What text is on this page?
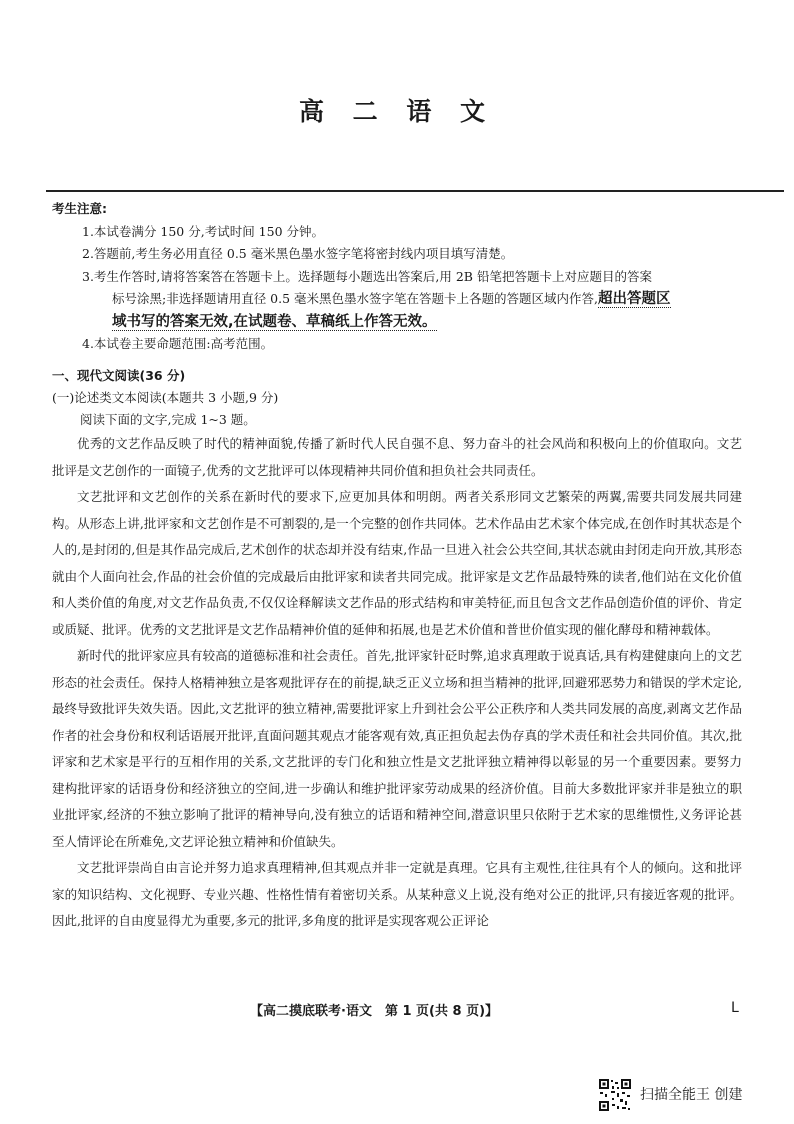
高 二 语 文
考生注意:
1.本试卷满分 150 分,考试时间 150 分钟。
2.答题前,考生务必用直径 0.5 毫米黑色墨水签字笔将密封线内项目填写清楚。
3.考生作答时,请将答案答在答题卡上。选择题每小题选出答案后,用 2B 铅笔把答题卡上对应题目的答案
标号涂黑;非选择题请用直径 0.5 毫米黑色墨水签字笔在答题卡上各题的答题区域内作答,超出答题区
域书写的答案无效,在试题卷、草稿纸上作答无效。
4.本试卷主要命题范围:高考范围。
一、现代文阅读(36 分)
(一)论述类文本阅读(本题共 3 小题,9 分)
阅读下面的文字,完成 1~3 题。

优秀的文艺作品反映了时代的精神面貌,传播了新时代人民自强不息、努力奋斗的社会风尚和积极向上的价值取向。文艺批评是文艺创作的一面镜子,优秀的文艺批评可以体现精神共同价值和担负社会共同责任。

文艺批评和文艺创作的关系在新时代的要求下,应更加具体和明朗。两者关系形同文艺繁荣的两翼,需要共同发展共同建构。从形态上讲,批评家和文艺创作是不可割裂的,是一个完整的创作共同体。艺术作品由艺术家个体完成,在创作时其状态是个人的,是封闭的,但是其作品完成后,艺术创作的状态却并没有结束,作品一旦进入社会公共空间,其状态就由封闭走向开放,其形态就由个人面向社会,作品的社会价值的完成最后由批评家和读者共同完成。批评家是文艺作品最特殊的读者,他们站在文化价值和人类价值的角度,对文艺作品负责,不仅仅诠释解读文艺作品的形式结构和审美特征,而且包含文艺作品创造价值的评价、肯定或质疑、批评。优秀的文艺批评是文艺作品精神价值的延伸和拓展,也是艺术价值和普世价值实现的催化酵母和精神载体。

新时代的批评家应具有较高的道德标准和社会责任。首先,批评家针砭时弊,追求真理敢于说真话,具有构建健康向上的文艺形态的社会责任。保持人格精神独立是客观批评存在的前提,缺乏正义立场和担当精神的批评,回避邪恶势力和错误的学术定论,最终导致批评失效失语。因此,文艺批评的独立精神,需要批评家上升到社会公平公正秩序和人类共同发展的高度,剥离文艺作品作者的社会身份和权利话语展开批评,直面问题其观点才能客观有效,真正担负起去伪存真的学术责任和社会共同价值。其次,批评家和艺术家是平行的互相作用的关系,文艺批评的专门化和独立性是文艺批评独立精神得以彰显的另一个重要因素。要努力建构批评家的话语身份和经济独立的空间,进一步确认和维护批评家劳动成果的经济价值。目前大多数批评家并非是独立的职业批评家,经济的不独立影响了批评的精神导向,没有独立的话语和精神空间,潜意识里只依附于艺术家的思维惯性,义务评论甚至人情评论在所难免,文艺评论独立精神和价值缺失。

文艺批评崇尚自由言论并努力追求真理精神,但其观点并非一定就是真理。它具有主观性,往往具有个人的倾向。这和批评家的知识结构、文化视野、专业兴趣、性格性情有着密切关系。从某种意义上说,没有绝对公正的批评,只有接近客观的批评。因此,批评的自由度显得尤为重要,多元的批评,多角度的批评是实现客观公正评论

【高二摸底联考·语文　第 1 页(共 8 页)】	L
扫描全能王 创建
